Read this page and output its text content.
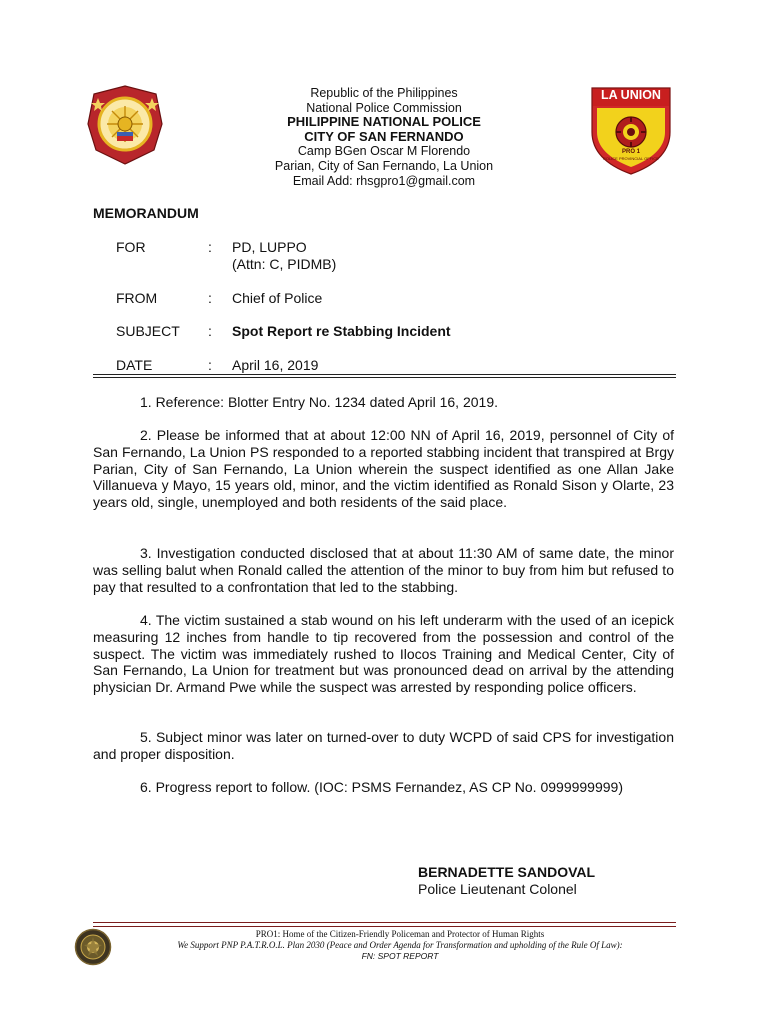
LA UNION
PRO 1
POLICE PROVINCIAL OFFICE
Republic of the Philippines
National Police Commission
PHILIPPINE NATIONAL POLICE
CITY OF SAN FERNANDO
Camp BGen Oscar M Florendo
Parian, City of San Fernando, La Union
Email Add: rhsgpro1@gmail.com
MEMORANDUM
FOR	: PD, LUPPO
(Attn: C, PIDMB)
FROM	: Chief of Police
SUBJECT : Spot Report re Stabbing Incident
DATE	: April 16, 2019

1. Reference: Blotter Entry No. 1234 dated April 16, 2019.

2. Please be informed that at about 12:00 NN of April 16, 2019, personnel of City of San Fernando, La Union PS responded to a reported stabbing incident that transpired at Brgy Parian, City of San Fernando, La Union wherein the suspect identified as one Allan Jake Villanueva y Mayo, 15 years old, minor, and the victim identified as Ronald Sison y Olarte, 23 years old, single, unemployed and both residents of the said place.

3. Investigation conducted disclosed that at about 11:30 AM of same date, the minor was selling balut when Ronald called the attention of the minor to buy from him but refused to pay that resulted to a confrontation that led to the stabbing.

4. The victim sustained a stab wound on his left underarm with the used of an icepick measuring 12 inches from handle to tip recovered from the possession and control of the suspect. The victim was immediately rushed to Ilocos Training and Medical Center, City of San Fernando, La Union for treatment but was pronounced dead on arrival by the attending physician Dr. Armand Pwe while the suspect was arrested by responding police officers.

5. Subject minor was later on turned-over to duty WCPD of said CPS for investigation and proper disposition.

6. Progress report to follow. (IOC: PSMS Fernandez, AS CP No. 0999999999)

BERNADETTE SANDOVAL
Police Lieutenant Colonel
PRO1: Home of the Citizen-Friendly Policeman and Protector of Human Rights
We Support PNP P.A.T.R.O.L. Plan 2030 (Peace and Order Agenda for Transformation and upholding of the Rule Of Law):
FN: SPOT REPORT
